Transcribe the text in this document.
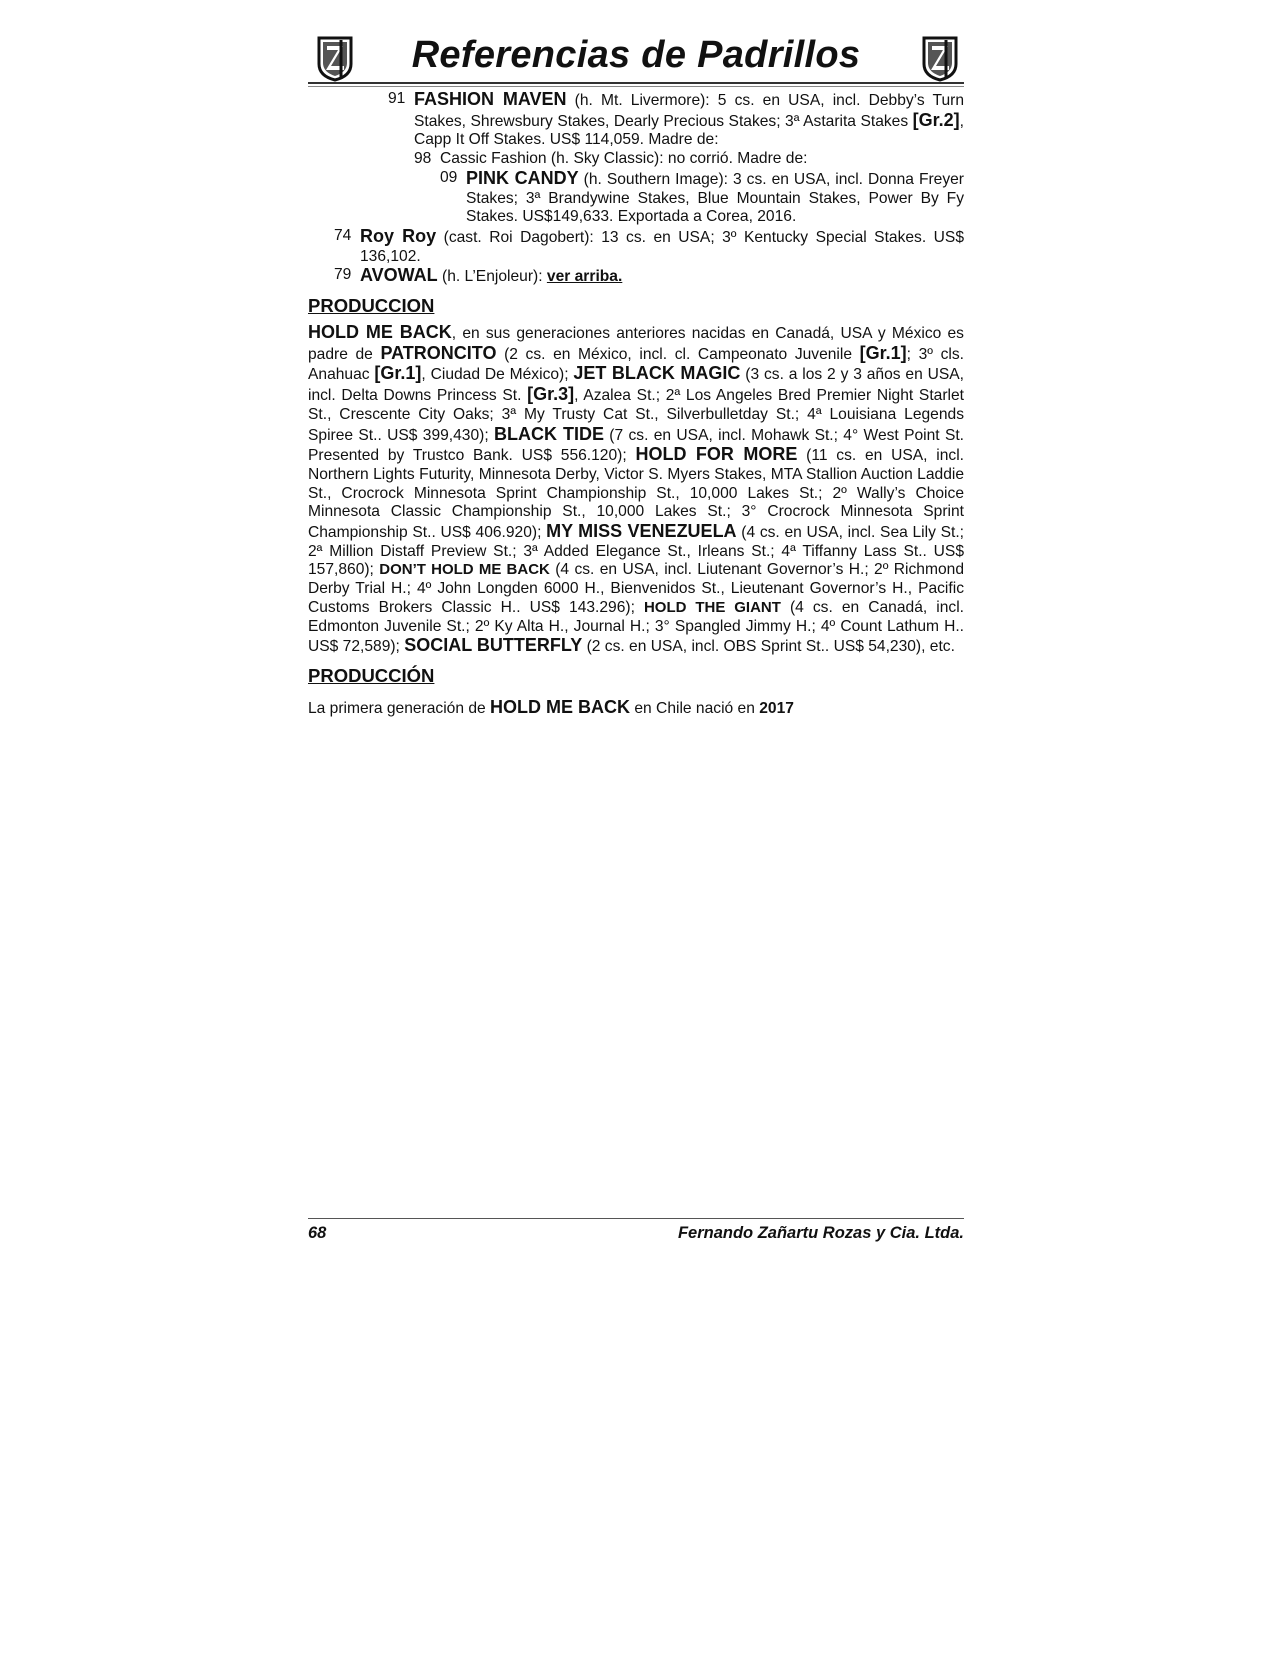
Referencias de Padrillos
91 FASHION MAVEN (h. Mt. Livermore): 5 cs. en USA, incl. Debby’s Turn Stakes, Shrewsbury Stakes, Dearly Precious Stakes; 3ª Astarita Stakes [Gr.2], Capp It Off Stakes. US$ 114,059. Madre de:
98 Cassic Fashion (h. Sky Classic): no corrió. Madre de:
09 PINK CANDY (h. Southern Image): 3 cs. en USA, incl. Donna Freyer Stakes; 3ª Brandywine Stakes, Blue Mountain Stakes, Power By Fy Stakes. US$149,633. Exportada a Corea, 2016.
74 Roy Roy (cast. Roi Dagobert): 13 cs. en USA; 3º Kentucky Special Stakes. US$ 136,102.
79 AVOWAL (h. L’Enjoleur): ver arriba.
PRODUCCION

HOLD ME BACK, en sus generaciones anteriores nacidas en Canadá, USA y México es padre de PATRONCITO (2 cs. en México, incl. cl. Campeonato Juvenile [Gr.1]; 3º cls. Anahuac [Gr.1], Ciudad De México); JET BLACK MAGIC (3 cs. a los 2 y 3 años en USA, incl. Delta Downs Princess St. [Gr.3], Azalea St.; 2ª Los Angeles Bred Premier Night Starlet St., Crescente City Oaks; 3ª My Trusty Cat St., Silverbulletday St.; 4ª Louisiana Legends Spiree St.. US$ 399,430); BLACK TIDE (7 cs. en USA, incl. Mohawk St.; 4° West Point St. Presented by Trustco Bank. US$ 556.120); HOLD FOR MORE (11 cs. en USA, incl. Northern Lights Futurity, Minnesota Derby, Victor S. Myers Stakes, MTA Stallion Auction Laddie St., Crocrock Minnesota Sprint Championship St., 10,000 Lakes St.; 2º Wally’s Choice Minnesota Classic Championship St., 10,000 Lakes St.; 3° Crocrock Minnesota Sprint Championship St.. US$ 406.920); MY MISS VENEZUELA (4 cs. en USA, incl. Sea Lily St.; 2ª Million Distaff Preview St.; 3ª Added Elegance St., Irleans St.; 4ª Tiffanny Lass St.. US$ 157,860); DON’T HOLD ME BACK (4 cs. en USA, incl. Liutenant Governor’s H.; 2º Richmond Derby Trial H.; 4º John Longden 6000 H., Bienvenidos St., Lieutenant Governor’s H., Pacific Customs Brokers Classic H.. US$ 143.296); HOLD THE GIANT (4 cs. en Canadá, incl. Edmonton Juvenile St.; 2º Ky Alta H., Journal H.; 3° Spangled Jimmy H.; 4º Count Lathum H.. US$ 72,589); SOCIAL BUTTERFLY (2 cs. en USA, incl. OBS Sprint St.. US$ 54,230), etc.

PRODUCCIÓN

La primera generación de HOLD ME BACK en Chile nació en 2017

68	Fernando Zañartu Rozas y Cia. Ltda.
